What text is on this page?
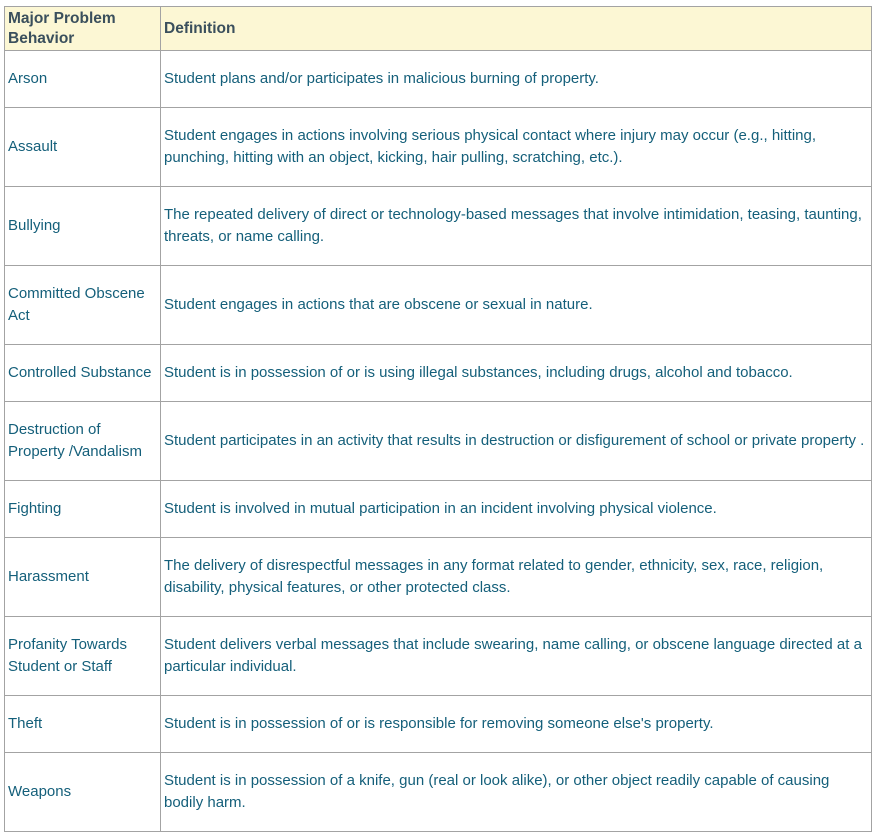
Major Problem Behavior	Definition
Arson	Student plans and/or participates in malicious burning of property.
Assault	Student engages in actions involving serious physical contact where injury may occur (e.g., hitting, punching, hitting with an object, kicking, hair pulling, scratching, etc.).
Bullying	The repeated delivery of direct or technology-based messages that involve intimidation, teasing, taunting, threats, or name calling.
Committed Obscene Act	Student engages in actions that are obscene or sexual in nature.
Controlled Substance	Student is in possession of or is using illegal substances, including drugs, alcohol and tobacco.
Destruction of Property /Vandalism	Student participates in an activity that results in destruction or disfigurement of school or private property .
Fighting	Student is involved in mutual participation in an incident involving physical violence.
Harassment	The delivery of disrespectful messages in any format related to gender, ethnicity, sex, race, religion, disability, physical features, or other protected class.
Profanity Towards Student or Staff	Student delivers verbal messages that include swearing, name calling, or obscene language directed at a particular individual.
Theft	Student is in possession of or is responsible for removing someone else's property.
Weapons	Student is in possession of a knife, gun (real or look alike), or other object readily capable of causing bodily harm.
